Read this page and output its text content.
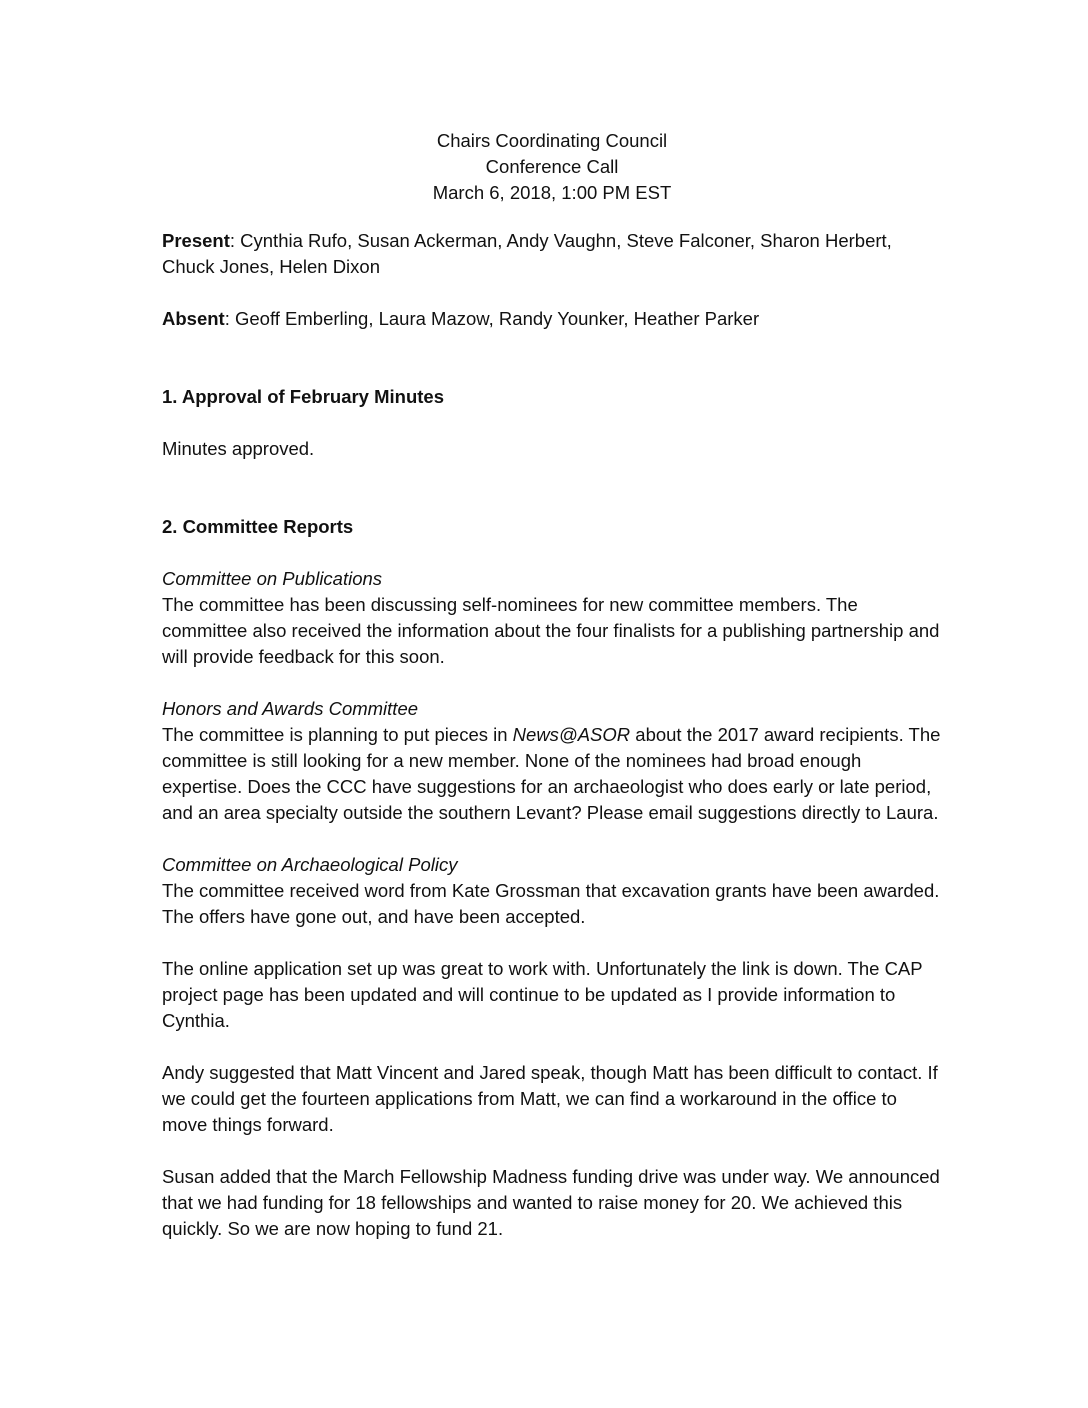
Chairs Coordinating Council
Conference Call
March 6, 2018, 1:00 PM EST

Present: Cynthia Rufo, Susan Ackerman, Andy Vaughn, Steve Falconer, Sharon Herbert, Chuck Jones, Helen Dixon

Absent: Geoff Emberling, Laura Mazow, Randy Younker, Heather Parker

1. Approval of February Minutes

Minutes approved.

2. Committee Reports

Committee on Publications
The committee has been discussing self-nominees for new committee members. The committee also received the information about the four finalists for a publishing partnership and will provide feedback for this soon.

Honors and Awards Committee
The committee is planning to put pieces in News@ASOR about the 2017 award recipients. The committee is still looking for a new member. None of the nominees had broad enough expertise. Does the CCC have suggestions for an archaeologist who does early or late period, and an area specialty outside the southern Levant? Please email suggestions directly to Laura.

Committee on Archaeological Policy
The committee received word from Kate Grossman that excavation grants have been awarded. The offers have gone out, and have been accepted.

The online application set up was great to work with. Unfortunately the link is down. The CAP project page has been updated and will continue to be updated as I provide information to Cynthia.

Andy suggested that Matt Vincent and Jared speak, though Matt has been difficult to contact. If we could get the fourteen applications from Matt, we can find a workaround in the office to move things forward.

Susan added that the March Fellowship Madness funding drive was under way. We announced that we had funding for 18 fellowships and wanted to raise money for 20. We achieved this quickly. So we are now hoping to fund 21.
